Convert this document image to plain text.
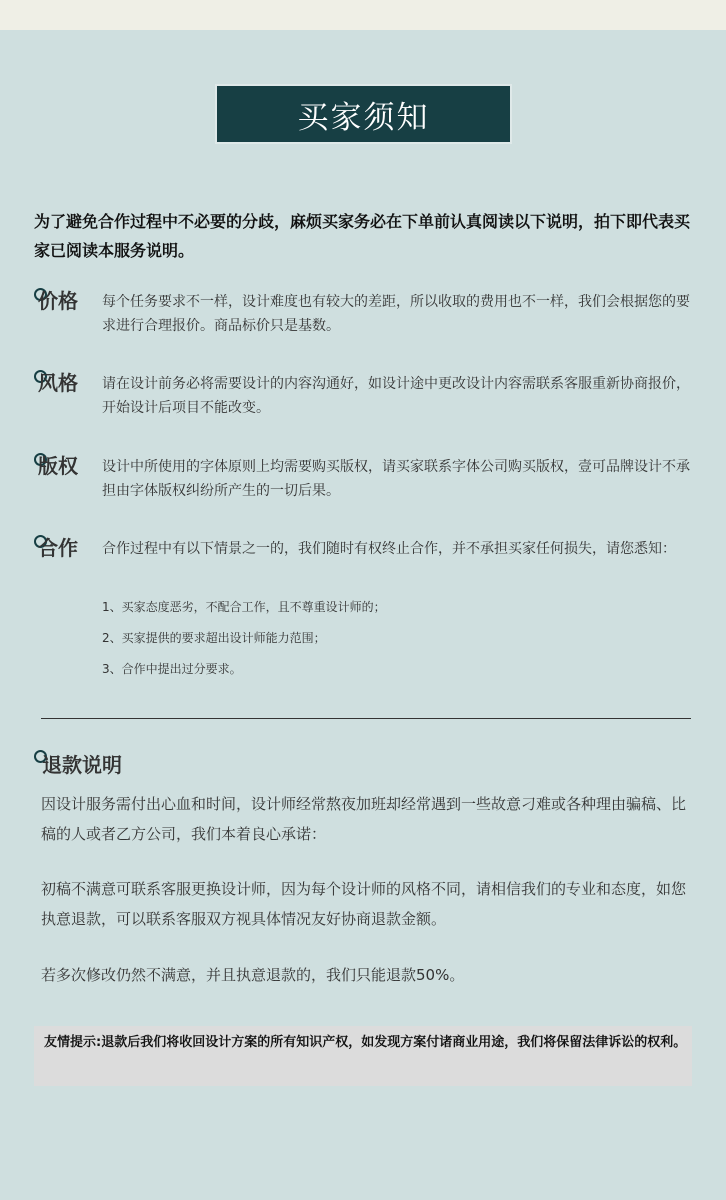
买家须知
为了避免合作过程中不必要的分歧，麻烦买家务必在下单前认真阅读以下说明，拍下即代表买家已阅读本服务说明。
价格 每个任务要求不一样，设计难度也有较大的差距，所以收取的费用也不一样，我们会根据您的要求进行合理报价。商品标价只是基数。
风格 请在设计前务必将需要设计的内容沟通好，如设计途中更改设计内容需联系客服重新协商报价，开始设计后项目不能改变。
版权 设计中所使用的字体原则上均需要购买版权，请买家联系字体公司购买版权，壹可品牌设计不承担由字体版权纠纷所产生的一切后果。
合作 合作过程中有以下情景之一的，我们随时有权终止合作，并不承担买家任何损失，请您悉知：
1、买家态度恶劣，不配合工作，且不尊重设计师的；
2、买家提供的要求超出设计师能力范围；
3、合作中提出过分要求。
退款说明
因设计服务需付出心血和时间，设计师经常熬夜加班却经常遇到一些故意刁难或各种理由骗稿、比稿的人或者乙方公司，我们本着良心承诺：
初稿不满意可联系客服更换设计师，因为每个设计师的风格不同，请相信我们的专业和态度，如您执意退款，可以联系客服双方视具体情况友好协商退款金额。
若多次修改仍然不满意，并且执意退款的，我们只能退款50%。
友情提示:退款后我们将收回设计方案的所有知识产权，如发现方案付诸商业用途，我们将保留法律诉讼的权利。
